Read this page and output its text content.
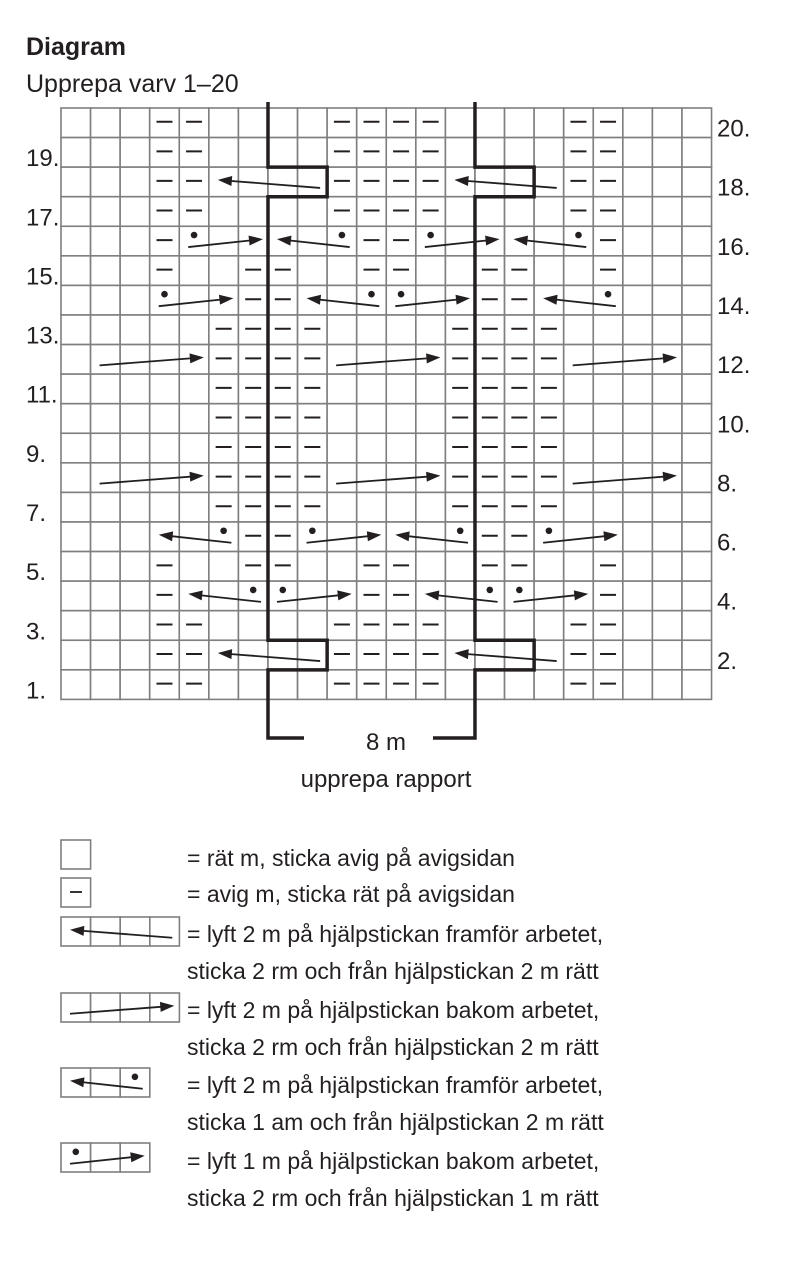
Diagram
Upprepa varv 1–20
19.
17.
15.
13.
11.
9.
7.
5.
3.
1.
20.
18.
16.
14.
12.
10.
8.
6.
4.
2.
8 m
upprepa rapport
= rät m, sticka avig på avigsidan
= avig m, sticka rät på avigsidan
= lyft 2 m på hjälpstickan framför arbetet,
sticka 2 rm och från hjälpstickan 2 m rätt
= lyft 2 m på hjälpstickan bakom arbetet,
sticka 2 rm och från hjälpstickan 2 m rätt
= lyft 2 m på hjälpstickan framför arbetet,
sticka 1 am och från hjälpstickan 2 m rätt
= lyft 1 m på hjälpstickan bakom arbetet,
sticka 2 rm och från hjälpstickan 1 m rätt
